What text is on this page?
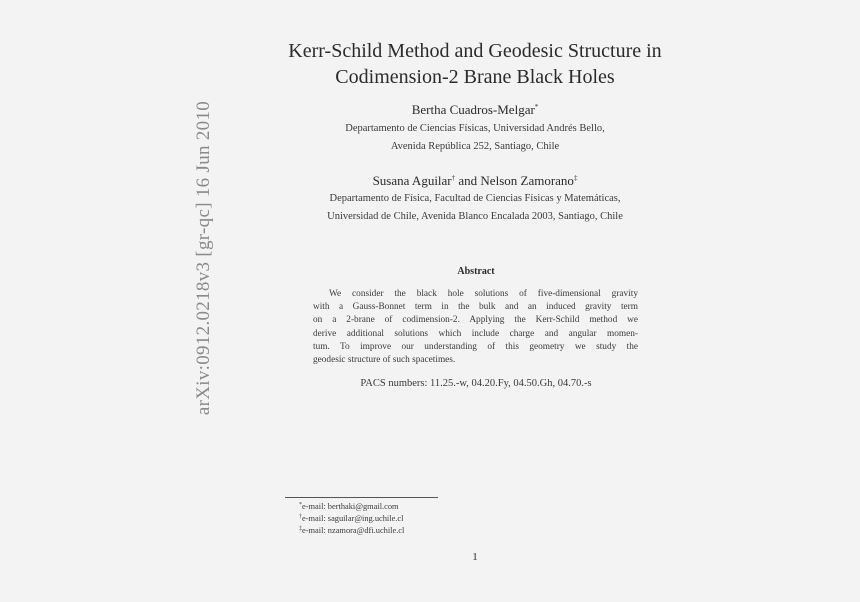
arXiv:0912.0218v3 [gr-qc] 16 Jun 2010
Kerr-Schild Method and Geodesic Structure in
Codimension-2 Brane Black Holes
Bertha Cuadros-Melgar*
Departamento de Ciencias Físicas, Universidad Andrés Bello,
Avenida República 252, Santiago, Chile
Susana Aguilar† and Nelson Zamorano‡
Departamento de Física, Facultad de Ciencias Físicas y Matemáticas,
Universidad de Chile, Avenida Blanco Encalada 2003, Santiago, Chile
Abstract
We consider the black hole solutions of five-dimensional gravity
with a Gauss-Bonnet term in the bulk and an induced gravity term
on a 2-brane of codimension-2. Applying the Kerr-Schild method we
derive additional solutions which include charge and angular momen-
tum. To improve our understanding of this geometry we study the
geodesic structure of such spacetimes.
PACS numbers: 11.25.-w, 04.20.Fy, 04.50.Gh, 04.70.-s
*e-mail: berthaki@gmail.com
†e-mail: saguilar@ing.uchile.cl
‡e-mail: nzamora@dfi.uchile.cl
1
